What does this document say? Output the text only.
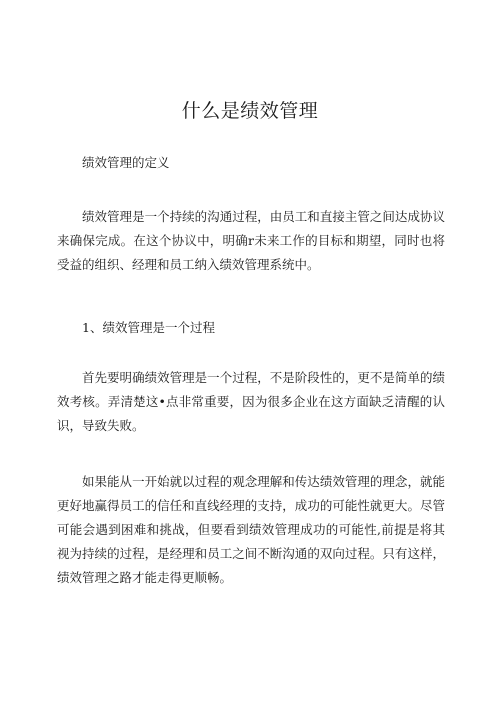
什么是绩效管理

绩效管理的定义

绩效管理是一个持续的沟通过程，由员工和直接主管之间达成协议来确保完成。在这个协议中，明确r未来工作的目标和期望，同时也将受益的组织、经理和员工纳入绩效管理系统中。

1、绩效管理是一个过程

首先要明确绩效管理是一个过程，不是阶段性的，更不是简单的绩效考核。弄清楚这•点非常重要，因为很多企业在这方面缺乏清醒的认识，导致失败。

如果能从一开始就以过程的观念理解和传达绩效管理的理念，就能更好地赢得员工的信任和直线经理的支持，成功的可能性就更大。尽管可能会遇到困难和挑战，但要看到绩效管理成功的可能性,前提是将其视为持续的过程，是经理和员工之间不断沟通的双向过程。只有这样，绩效管理之路才能走得更顺畅。
